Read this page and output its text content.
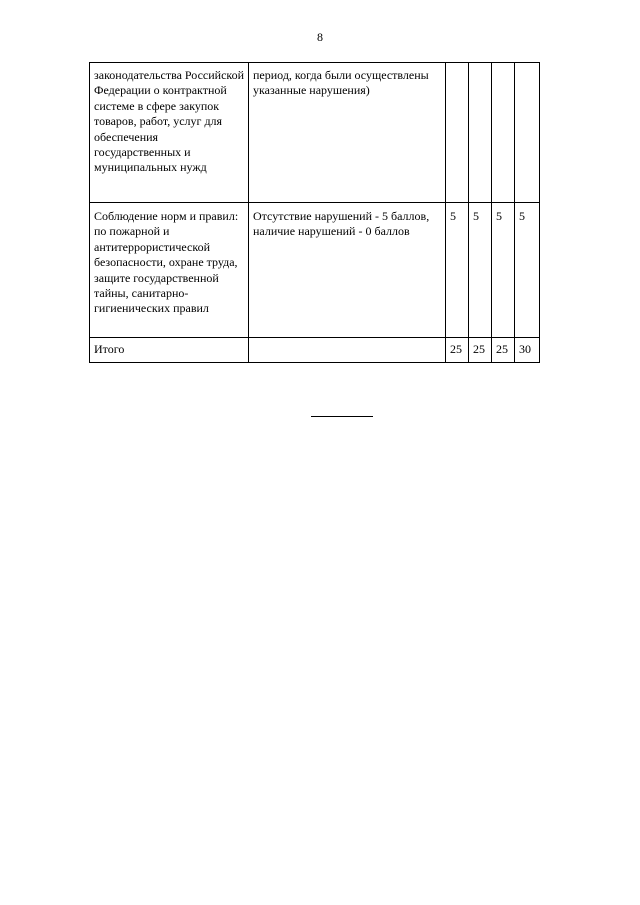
8
законодательства Российской Федерации о контрактной системе в сфере закупок товаров, работ, услуг для обеспечения государственных и муниципальных нужд	период, когда были осуществлены указанные нарушения)				
Соблюдение норм и правил: по пожарной и антитеррористической безопасности, охране труда, защите государственной тайны, санитарно-гигиенических правил	Отсутствие нарушений - 5 баллов, наличие нарушений - 0 баллов	5	5	5	5
Итого		25	25	25	30
